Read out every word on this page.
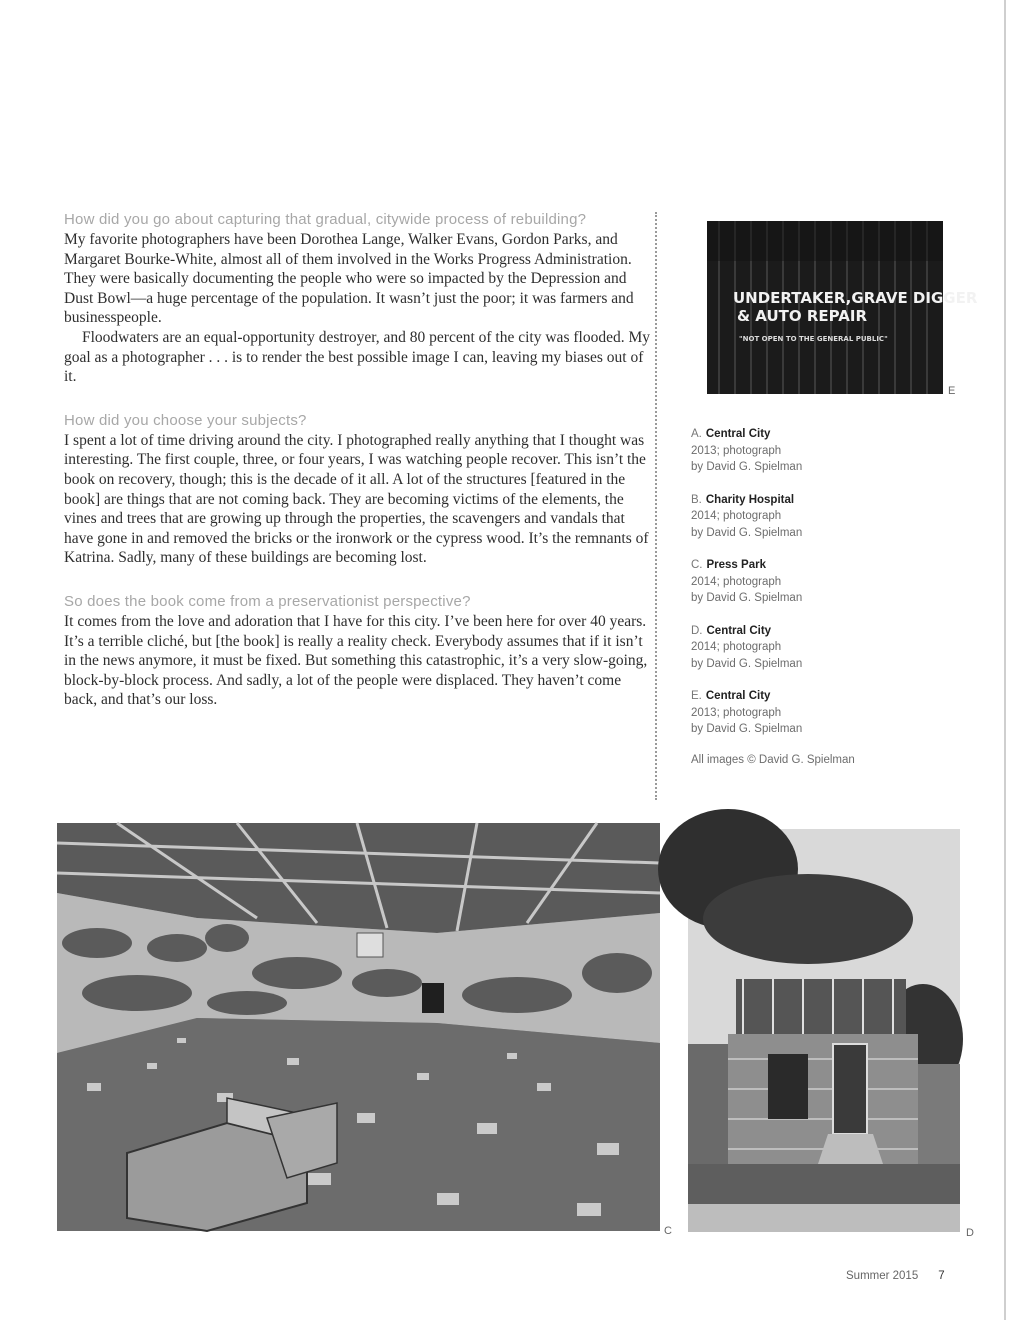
How did you go about capturing that gradual, citywide process of rebuilding?

My favorite photographers have been Dorothea Lange, Walker Evans, Gordon Parks, and Margaret Bourke-White, almost all of them involved in the Works Progress Administration. They were basically documenting the people who were so impacted by the Depression and Dust Bowl—a huge percentage of the population. It wasn’t just the poor; it was farmers and businesspeople.

Floodwaters are an equal-opportunity destroyer, and 80 percent of the city was flooded. My goal as a photographer . . . is to render the best possible image I can, leaving my biases out of it.

How did you choose your subjects?

I spent a lot of time driving around the city. I photographed really anything that I thought was interesting. The first couple, three, or four years, I was watching people recover. This isn’t the book on recovery, though; this is the decade of it all. A lot of the structures [featured in the book] are things that are not coming back. They are becoming victims of the elements, the vines and trees that are growing up through the properties, the scavengers and vandals that have gone in and removed the bricks or the ironwork or the cypress wood. It’s the remnants of Katrina. Sadly, many of these buildings are becoming lost.

So does the book come from a preservationist perspective?

It comes from the love and adoration that I have for this city. I’ve been here for over 40 years. It’s a terrible cliché, but [the book] is really a reality check. Everybody assumes that if it isn’t in the news anymore, it must be fixed. But something this catastrophic, it’s a very slow-going, block-by-block process. And sadly, a lot of the people were displaced. They haven’t come back, and that’s our loss.

UNDERTAKER,GRAVE DIGGER
& AUTO REPAIR
"NOT OPEN TO THE GENERAL PUBLIC"
E
A. Central City
2013; photograph
by David G. Spielman
B. Charity Hospital
2014; photograph
by David G. Spielman
C. Press Park
2014; photograph
by David G. Spielman
D. Central City
2014; photograph
by David G. Spielman
E. Central City
2013; photograph
by David G. Spielman
All images © David G. Spielman
C	D
Summer 2015 7
